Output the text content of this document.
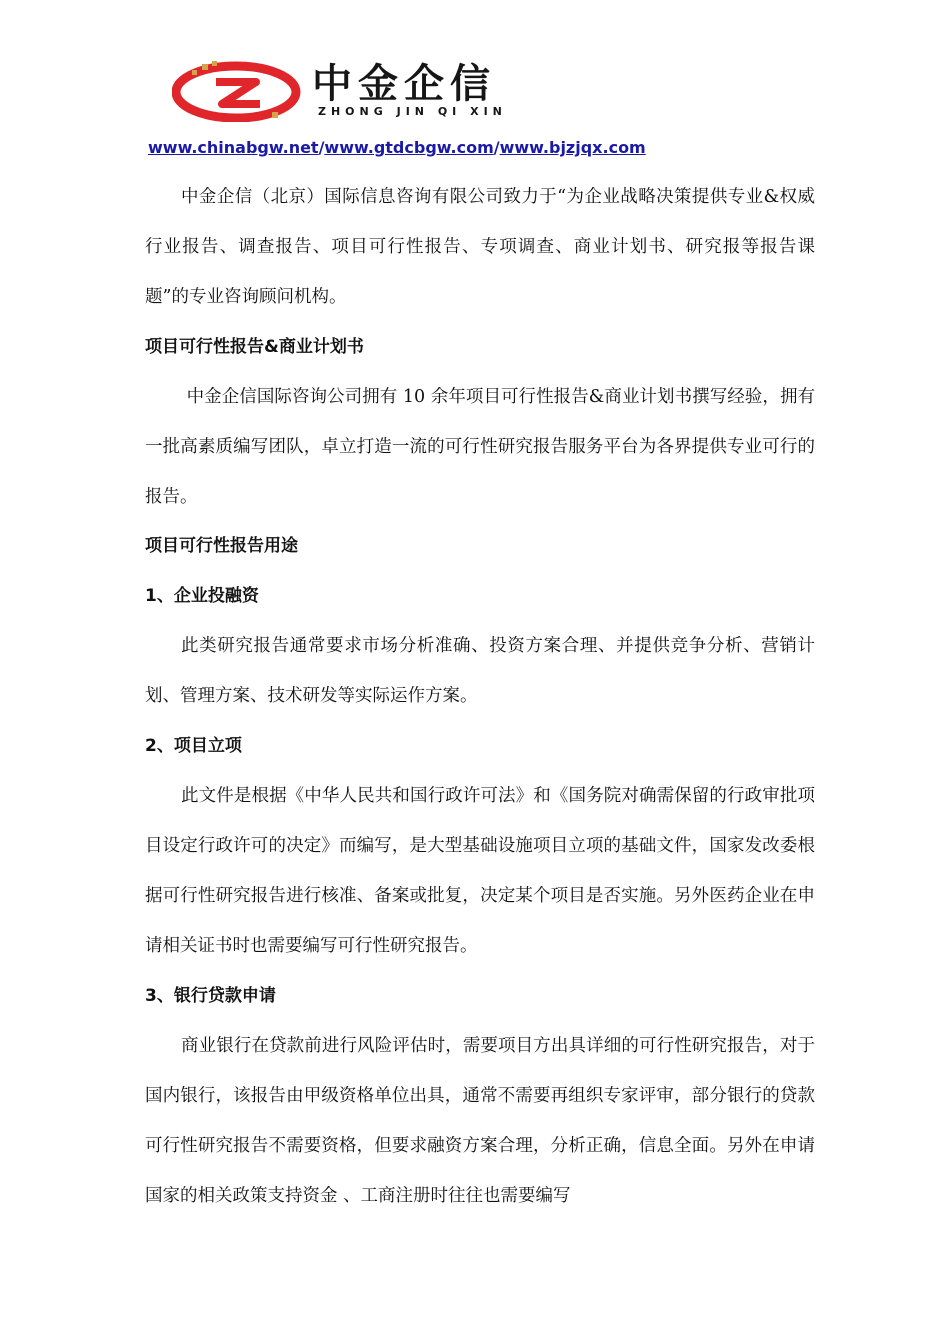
中金企信
ZHONG JIN QI XIN
www.chinabgw.net/www.gtdcbgw.com/www.bjzjqx.com

中金企信（北京）国际信息咨询有限公司致力于“为企业战略决策提供专业&权威行业报告、调查报告、项目可行性报告、专项调查、商业计划书、研究报等报告课题”的专业咨询顾问机构。

项目可行性报告&商业计划书

中金企信国际咨询公司拥有 10 余年项目可行性报告&商业计划书撰写经验，拥有一批高素质编写团队，卓立打造一流的可行性研究报告服务平台为各界提供专业可行的报告。

项目可行性报告用途

1、企业投融资

此类研究报告通常要求市场分析准确、投资方案合理、并提供竞争分析、营销计划、管理方案、技术研发等实际运作方案。

2、项目立项

此文件是根据《中华人民共和国行政许可法》和《国务院对确需保留的行政审批项目设定行政许可的决定》而编写，是大型基础设施项目立项的基础文件，国家发改委根据可行性研究报告进行核准、备案或批复，决定某个项目是否实施。另外医药企业在申请相关证书时也需要编写可行性研究报告。

3、银行贷款申请

商业银行在贷款前进行风险评估时，需要项目方出具详细的可行性研究报告，对于国内银行，该报告由甲级资格单位出具，通常不需要再组织专家评审，部分银行的贷款可行性研究报告不需要资格，但要求融资方案合理，分析正确，信息全面。另外在申请国家的相关政策支持资金 、工商注册时往往也需要编写
